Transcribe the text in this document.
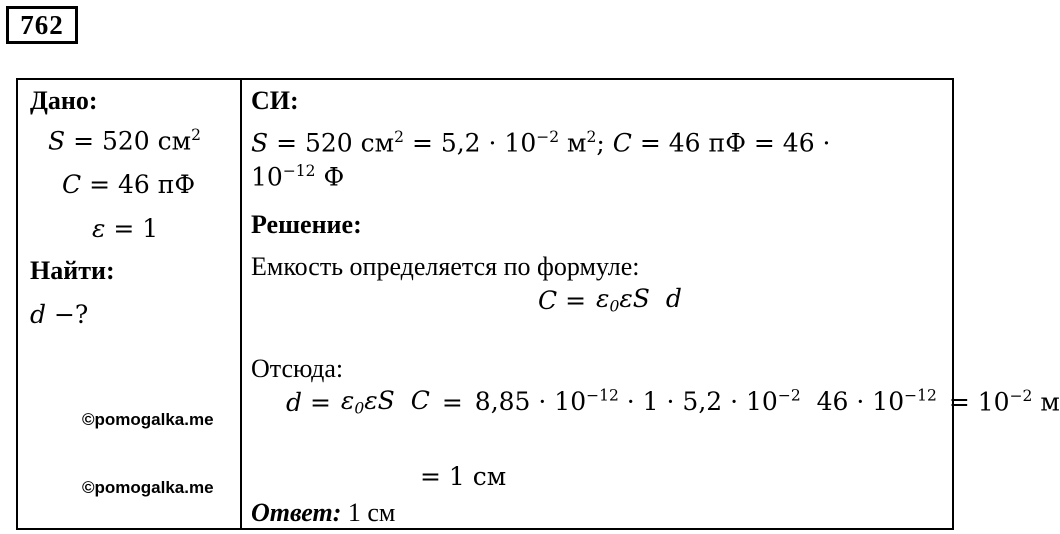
762
Дано:
S = 520 $см^2$
C = 46 пФ
ε = 1
Найти:
d −?
©pomogalka.me
©pomogalka.me
СИ:
S = 520 $см^2 = 5,2 \cdot 10^{-2}$ $м^2$; C = 46 пФ = 46 ·
$10^{-12}$ Ф
Решение:
Емкость определяется по формуле:
$C = \varepsilon_0\varepsilon S$ d
Отсюда:
$d = \varepsilon_0\varepsilon S$ $C = 8,85 \cdot 10^{-12} \cdot 1 \cdot 5,2 \cdot 10^{-2}$ $46 \cdot 10^{-12} = 10^{-2}$ м
= 1 см
Ответ: 1 см
